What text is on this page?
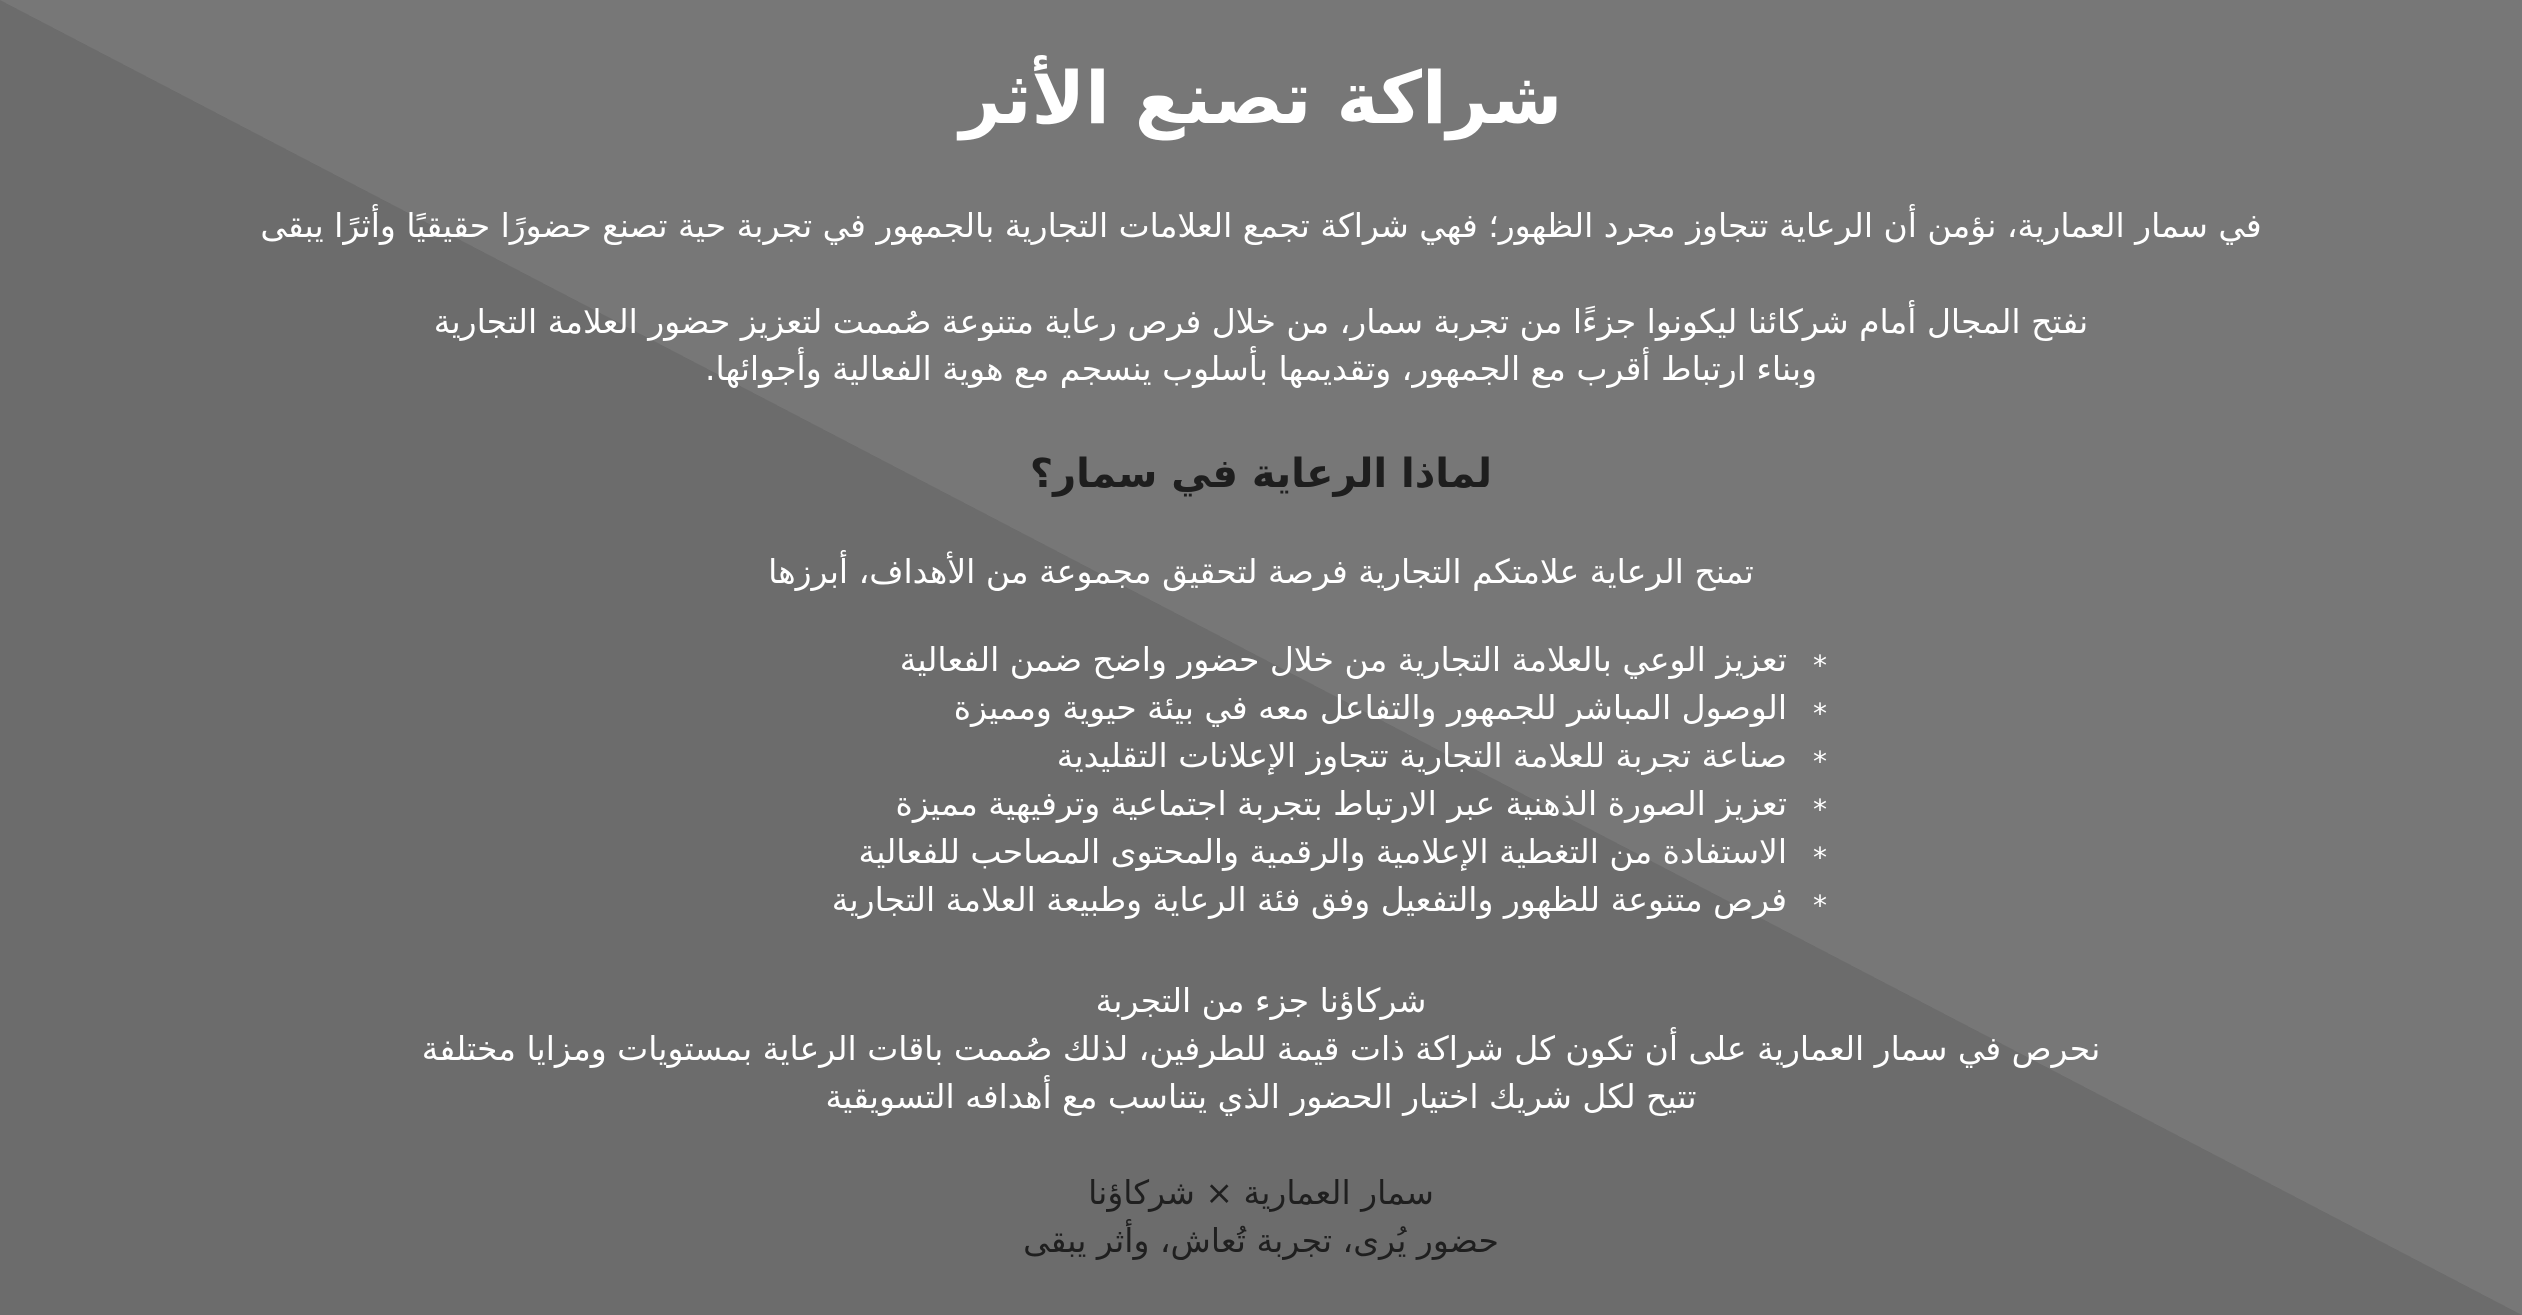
شراكة تصنع الأثر
في سمار العمارية، نؤمن أن الرعاية تتجاوز مجرد الظهور؛ فهي شراكة تجمع العلامات التجارية بالجمهور في تجربة حية تصنع حضورًا حقيقيًا وأثرًا يبقى
نفتح المجال أمام شركائنا ليكونوا جزءًا من تجربة سمار، من خلال فرص رعاية متنوعة صُممت لتعزيز حضور العلامة التجارية
وبناء ارتباط أقرب مع الجمهور، وتقديمها بأسلوب ينسجم مع هوية الفعالية وأجوائها.
لماذا الرعاية في سمار؟
تمنح الرعاية علامتكم التجارية فرصة لتحقيق مجموعة من الأهداف، أبرزها
*
تعزيز الوعي بالعلامة التجارية من خلال حضور واضح ضمن الفعالية
*
الوصول المباشر للجمهور والتفاعل معه في بيئة حيوية ومميزة
*
صناعة تجربة للعلامة التجارية تتجاوز الإعلانات التقليدية
*
تعزيز الصورة الذهنية عبر الارتباط بتجربة اجتماعية وترفيهية مميزة
*
الاستفادة من التغطية الإعلامية والرقمية والمحتوى المصاحب للفعالية
*
فرص متنوعة للظهور والتفعيل وفق فئة الرعاية وطبيعة العلامة التجارية
شركاؤنا جزء من التجربة
نحرص في سمار العمارية على أن تكون كل شراكة ذات قيمة للطرفين، لذلك صُممت باقات الرعاية بمستويات ومزايا مختلفة
تتيح لكل شريك اختيار الحضور الذي يتناسب مع أهدافه التسويقية
سمار العمارية × شركاؤنا
حضور يُرى، تجربة تُعاش، وأثر يبقى
